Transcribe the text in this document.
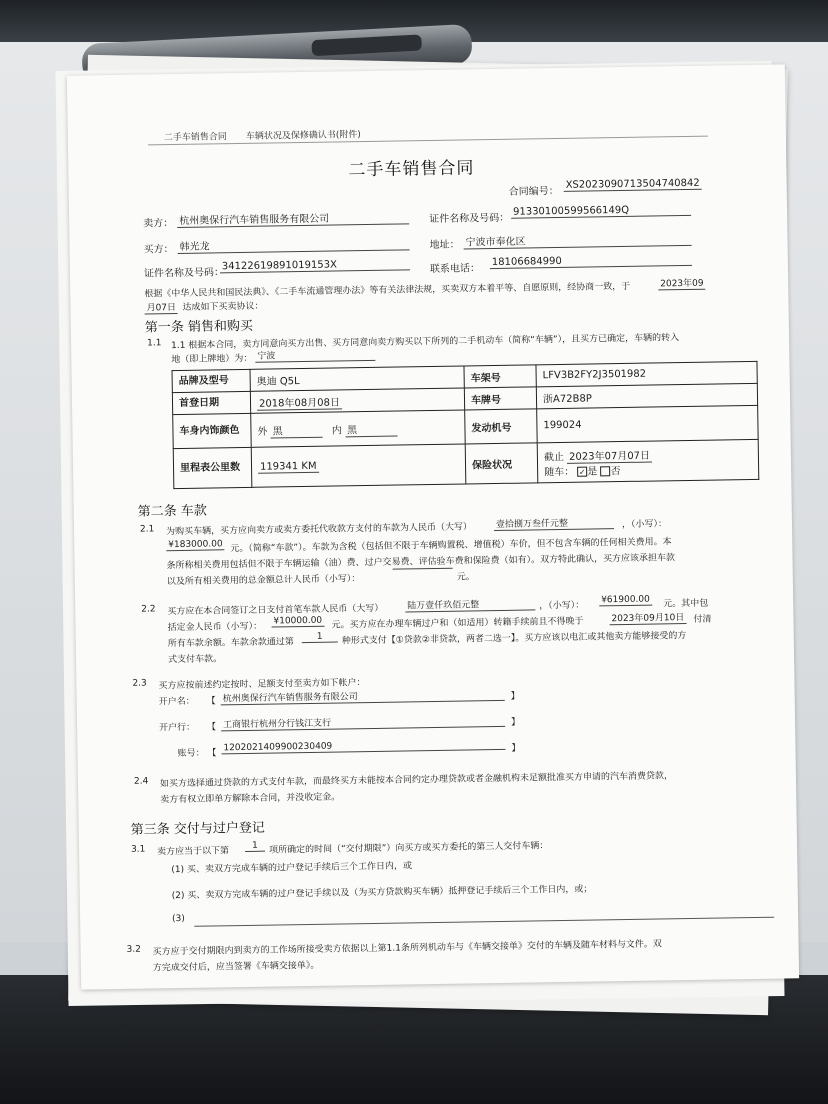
二手车销售合同 车辆状况及保修确认书(附件)
二手车销售合同
合同编号：
XS2023090713504740842
卖方： 杭州奥保行汽车销售服务有限公司	证件名称及号码：
91330100599566149Q
买方： 韩光龙	地址： 宁波市奉化区
证件名称及号码：
34122619891019153X	联系电话：
18106684990
根据《中华人民共和国民法典》、《二手车流通管理办法》等有关法律法规，买卖双方本着平等、自愿原则，经协商一致，于	2023年09
月07日 达成如下买卖协议：
第一条 销售和购买
1.1 1.1 根据本合同，卖方同意向买方出售、买方同意向卖方购买以下所列的二手机动车（简称“车辆”），且买方已确定，车辆的转入
地（即上牌地）为： 宁波
品牌及型号	奥迪 Q5L	车架号	LFV3B2FY2J3501982
首登日期	2018年08月08日	车牌号	浙A72B8P
车身内饰颜色	外 黑 内 黑	发动机号	199024
里程表公里数	119341 KM	保险状况	截止 2023年07月07日
随车： ✓是 否
第二条 车款
2.1 为购买车辆，买方应向卖方或卖方委托代收款方支付的车款为人民币（大写）	壹拾捌万叁仟元整	，（小写）：
¥183000.00 元。（简称“车款”）。车款为含税（包括但不限于车辆购置税、增值税）车价，但不包含车辆的任何相关费用。本
条所称相关费用包括但不限于车辆运输（油）费、过户交易费、评估验车费和保险费（如有）。双方特此确认，买方应该承担车款
以及所有相关费用的总金额总计人民币（小写）：	元。
2.2 买方应在本合同签订之日支付首笔车款人民币（大写）	陆万壹仟玖佰元整	，（小写）：
¥61900.00 元。其中包
括定金人民币（小写）：
¥10000.00 元。买方应在办理车辆过户和（如适用）转籍手续前且不得晚于	2023年09月10日 付清
所有车款余额。车款余款通过第
1	种形式支付【①贷款②非贷款，两者二选一】。买方应该以电汇或其他卖方能够接受的方
式支付车款。
2.3 买方应按前述约定按时、足额支付至卖方如下帐户：
开户名： 【 杭州奥保行汽车销售服务有限公司	】
开户行： 【 工商银行杭州分行钱江支行	】
账号： 【
1202021409900230409	】
2.4 如买方选择通过贷款的方式支付车款，而最终买方未能按本合同约定办理贷款或者金融机构未足额批准买方申请的汽车消费贷款，
卖方有权立即单方解除本合同，并没收定金。
第三条 交付与过户登记
3.1 卖方应当于以下第
1	项所确定的时间（“交付期限”）向买方或买方委托的第三人交付车辆：
(1) 买、卖双方完成车辆的过户登记手续后三个工作日内，或
(2) 买、卖双方完成车辆的过户登记手续以及（为买方贷款购买车辆）抵押登记手续后三个工作日内，或；
(3)
3.2 买方应于交付期限内到卖方的工作场所接受卖方依据以上第1.1条所列机动车与《车辆交接单》交付的车辆及随车材料与文件。双
方完成交付后，应当签署《车辆交接单》。
